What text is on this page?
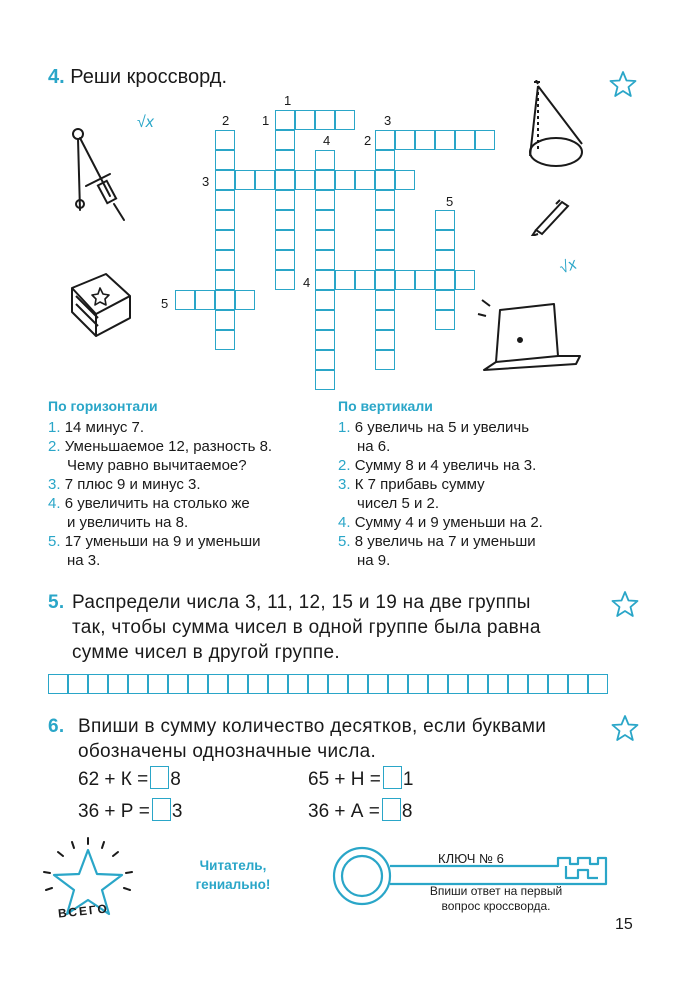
4. Реши кроссворд.
1
1
2
2
3
3
4
4
5
5
√x
√x
По горизонтали
1. 14 минус 7.
2. Уменьшаемое 12, разность 8.
Чему равно вычитаемое?
3. 7 плюс 9 и минус 3.
4. 6 увеличить на столько же
и увеличить на 8.
5. 17 уменьши на 9 и уменьши
на 3.
По вертикали
1. 6 увеличь на 5 и увеличь
на 6.
2. Сумму 8 и 4 увеличь на 3.
3. К 7 прибавь сумму
чисел 5 и 2.
4. Сумму 4 и 9 уменьши на 2.
5. 8 увеличь на 7 и уменьши
на 9.
5. Распредели числа 3, 11, 12, 15 и 19 на две группы
так, чтобы сумма чисел в одной группе была равна
сумме чисел в другой группе.
6. Впиши в сумму количество десятков, если буквами
обозначены однозначные числа.
62 + К = 8	65 + Н = 1
36 + Р = 3	36 + А = 8
ВСЕГО
Читатель,
гениально!
КЛЮЧ № 6
Впиши ответ на первый
вопрос кроссворда.
15
